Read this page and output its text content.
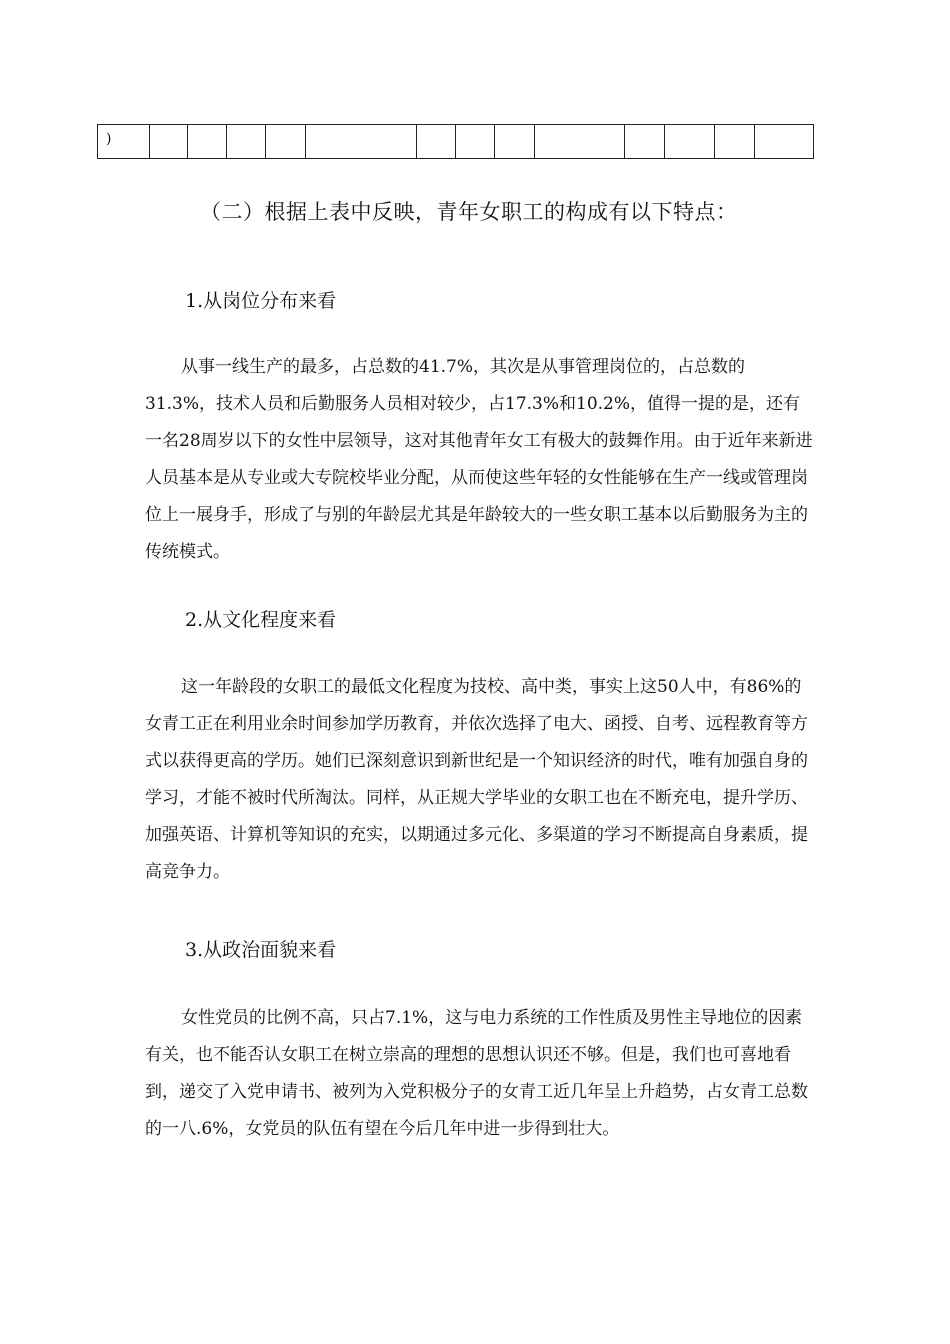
)													
（二）根据上表中反映，青年女职工的构成有以下特点：
1.从岗位分布来看

从事一线生产的最多，占总数的41.7%，其次是从事管理岗位的，占总数的31.3%，技术人员和后勤服务人员相对较少，占17.3%和10.2%，值得一提的是，还有一名28周岁以下的女性中层领导，这对其他青年女工有极大的鼓舞作用。由于近年来新进人员基本是从专业或大专院校毕业分配，从而使这些年轻的女性能够在生产一线或管理岗位上一展身手，形成了与别的年龄层尤其是年龄较大的一些女职工基本以后勤服务为主的传统模式。

2.从文化程度来看

这一年龄段的女职工的最低文化程度为技校、高中类，事实上这50人中，有86%的女青工正在利用业余时间参加学历教育，并依次选择了电大、函授、自考、远程教育等方式以获得更高的学历。她们已深刻意识到新世纪是一个知识经济的时代，唯有加强自身的学习，才能不被时代所淘汰。同样，从正规大学毕业的女职工也在不断充电，提升学历、加强英语、计算机等知识的充实，以期通过多元化、多渠道的学习不断提高自身素质，提高竞争力。

3.从政治面貌来看

女性党员的比例不高，只占7.1%，这与电力系统的工作性质及男性主导地位的因素有关，也不能否认女职工在树立崇高的理想的思想认识还不够。但是，我们也可喜地看到，递交了入党申请书、被列为入党积极分子的女青工近几年呈上升趋势，占女青工总数的一八.6%，女党员的队伍有望在今后几年中进一步得到壮大。
